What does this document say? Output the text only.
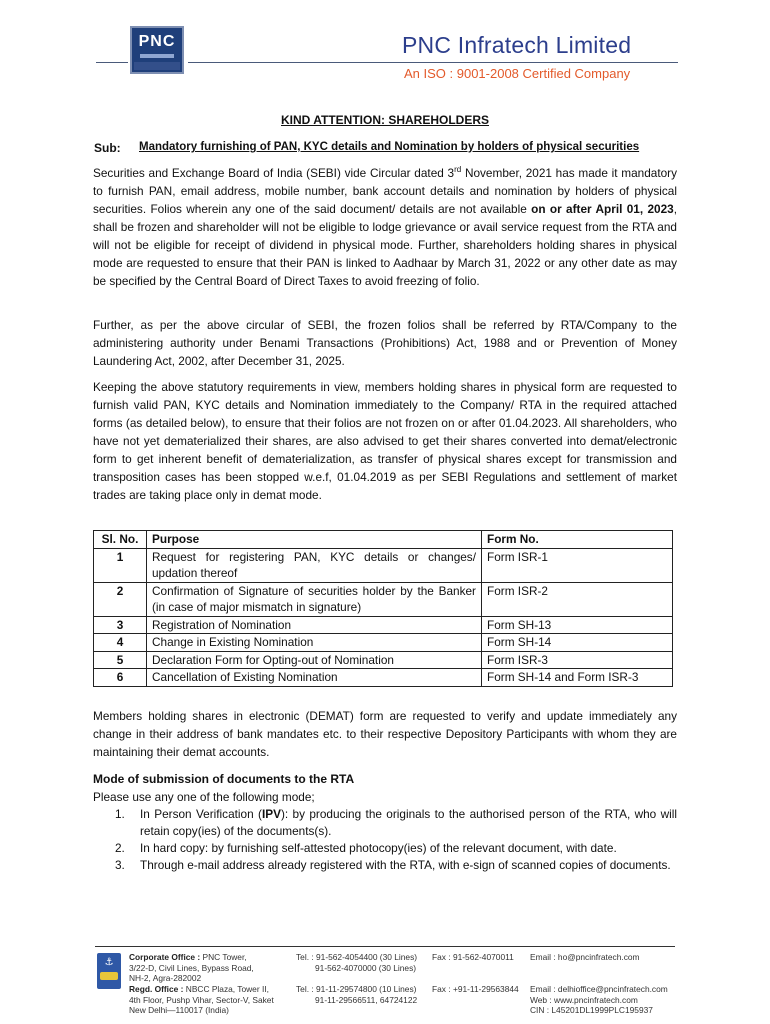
PNC	PNC Infratech Limited
An ISO : 9001-2008 Certified Company
KIND ATTENTION: SHAREHOLDERS
Sub: Mandatory furnishing of PAN, KYC details and Nomination by holders of physical securities

Securities and Exchange Board of India (SEBI) vide Circular dated 3rd November, 2021 has made it mandatory to furnish PAN, email address, mobile number, bank account details and nomination by holders of physical securities. Folios wherein any one of the said document/ details are not available on or after April 01, 2023, shall be frozen and shareholder will not be eligible to lodge grievance or avail service request from the RTA and will not be eligible for receipt of dividend in physical mode. Further, shareholders holding shares in physical mode are requested to ensure that their PAN is linked to Aadhaar by March 31, 2022 or any other date as may be specified by the Central Board of Direct Taxes to avoid freezing of folio.

Further, as per the above circular of SEBI, the frozen folios shall be referred by RTA/Company to the administering authority under Benami Transactions (Prohibitions) Act, 1988 and or Prevention of Money Laundering Act, 2002, after December 31, 2025.

Keeping the above statutory requirements in view, members holding shares in physical form are requested to furnish valid PAN, KYC details and Nomination immediately to the Company/ RTA in the required attached forms (as detailed below), to ensure that their folios are not frozen on or after 01.04.2023. All shareholders, who have not yet dematerialized their shares, are also advised to get their shares converted into demat/electronic form to get inherent benefit of dematerialization, as transfer of physical shares except for transmission and transposition cases has been stopped w.e.f, 01.04.2019 as per SEBI Regulations and settlement of market trades are taking place only in demat mode.

Sl. No.	Purpose	Form No.
1	Request for registering PAN, KYC details or changes/ updation thereof	Form ISR-1
2	Confirmation of Signature of securities holder by the Banker (in case of major mismatch in signature)	Form ISR-2
3	Registration of Nomination	Form SH-13
4	Change in Existing Nomination	Form SH-14
5	Declaration Form for Opting-out of Nomination	Form ISR-3
6	Cancellation of Existing Nomination	Form SH-14 and Form ISR-3

Members holding shares in electronic (DEMAT) form are requested to verify and update immediately any change in their address of bank mandates etc. to their respective Depository Participants with whom they are maintaining their demat accounts.

Mode of submission of documents to the RTA
Please use any one of the following mode;
1. In Person Verification (IPV): by producing the originals to the authorised person of the RTA, who will retain copy(ies) of the documents(s).
2. In hard copy: by furnishing self-attested photocopy(ies) of the relevant document, with date.
3. Through e-mail address already registered with the RTA, with e-sign of scanned copies of documents.
⚓	Corporate Office : PNC Tower,
3/22-D, Civil Lines, Bypass Road,
NH-2, Agra-282002
Tel. : 91-562-4054400 (30 Lines)
91-562-4070000 (30 Lines)
Fax : 91-562-4070011 Email : ho@pncinfratech.com
Regd. Office : NBCC Plaza, Tower II,
4th Floor, Pushp Vihar, Sector-V, Saket
New Delhi—110017 (India)
Tel. : 91-11-29574800 (10 Lines)
91-11-29566511, 64724122
Fax : +91-11-29563844 Email : delhioffice@pncinfratech.com
Web : www.pncinfratech.com
CIN : L45201DL1999PLC195937
